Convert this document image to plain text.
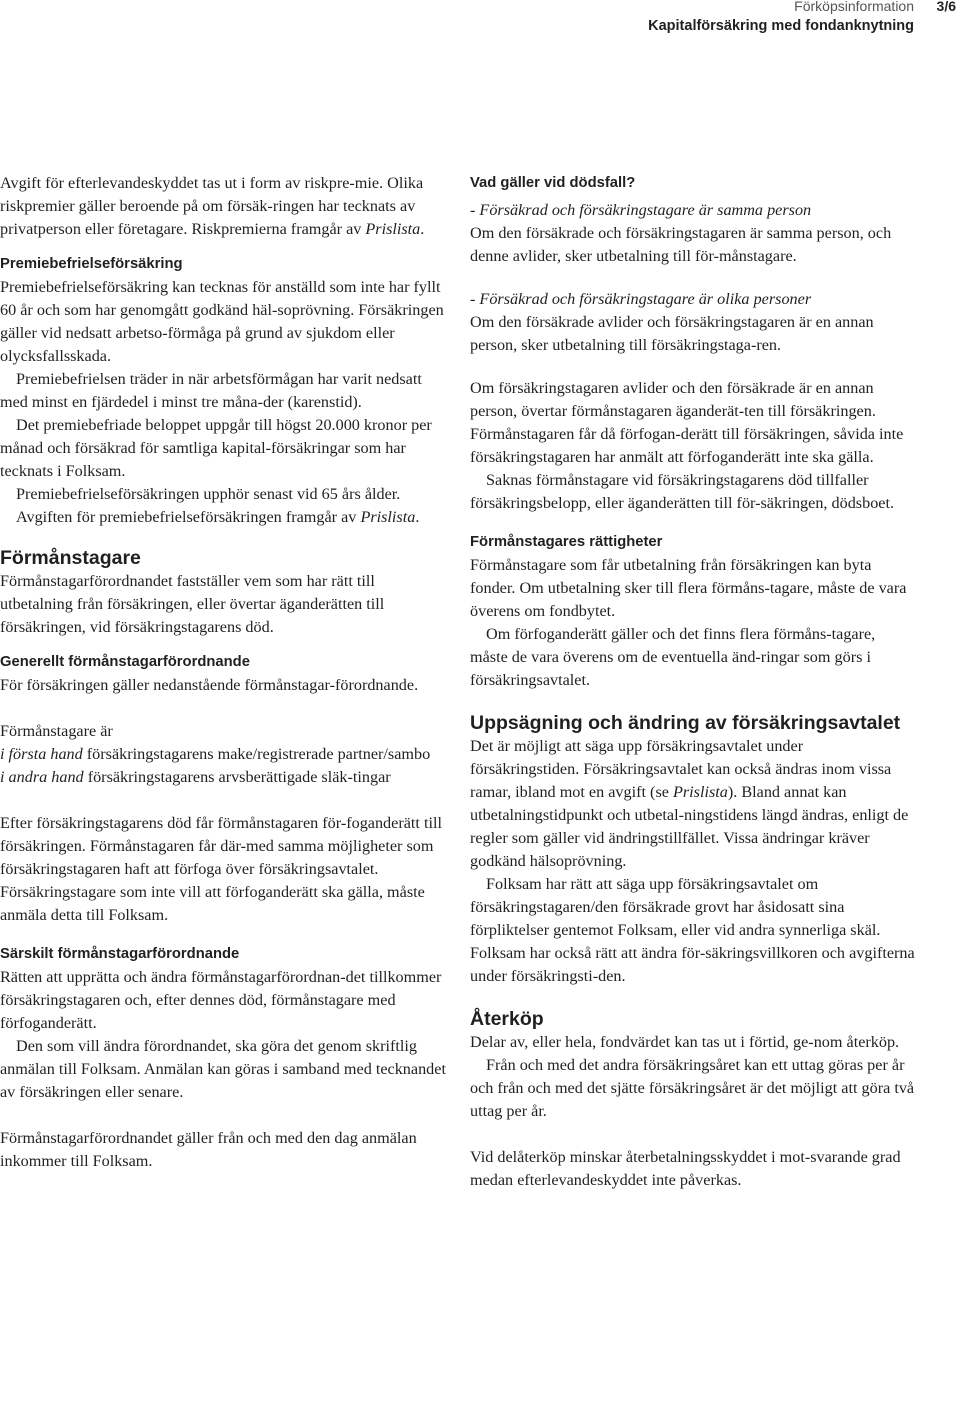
Förköpsinformation 3/6
Kapitalförsäkring med fondanknytning

Avgift för efterlevandeskyddet tas ut i form av riskpre-mie. Olika riskpremier gäller beroende på om försäk-ringen har tecknats av privatperson eller företagare. Riskpremierna framgår av Prislista.

Premiebefrielseförsäkring

Premiebefrielseförsäkring kan tecknas för anställd som inte har fyllt 60 år och som har genomgått godkänd häl-soprövning. Försäkringen gäller vid nedsatt arbetso-förmåga på grund av sjukdom eller olycksfallsskada.

Premiebefrielsen träder in när arbetsförmågan har varit nedsatt med minst en fjärdedel i minst tre måna-der (karenstid).

Det premiebefriade beloppet uppgår till högst 20.000 kronor per månad och försäkrad för samtliga kapital-försäkringar som har tecknats i Folksam.

Premiebefrielseförsäkringen upphör senast vid 65 års ålder.

Avgiften för premiebefrielseförsäkringen framgår av Prislista.

Förmånstagare

Förmånstagarförordnandet fastställer vem som har rätt till utbetalning från försäkringen, eller övertar äganderätten till försäkringen, vid försäkringstagarens död.

Generellt förmånstagarförordnande

För försäkringen gäller nedanstående förmånstagar-förordnande.

Förmånstagare är

i första hand försäkringstagarens make/registrerade partner/sambo

i andra hand försäkringstagarens arvsberättigade släk-tingar

Efter försäkringstagarens död får förmånstagaren för-foganderätt till försäkringen. Förmånstagaren får där-med samma möjligheter som försäkringstagaren haft att förfoga över försäkringsavtalet. Försäkringstagare som inte vill att förfoganderätt ska gälla, måste anmäla detta till Folksam.

Särskilt förmånstagarförordnande

Rätten att upprätta och ändra förmånstagarförordnan-det tillkommer försäkringstagaren och, efter dennes död, förmånstagare med förfoganderätt.

Den som vill ändra förordnandet, ska göra det genom skriftlig anmälan till Folksam. Anmälan kan göras i samband med tecknandet av försäkringen eller senare.

Förmånstagarförordnandet gäller från och med den dag anmälan inkommer till Folksam.

Vad gäller vid dödsfall?

- Försäkrad och försäkringstagare är samma person

Om den försäkrade och försäkringstagaren är samma person, och denne avlider, sker utbetalning till för-månstagare.

- Försäkrad och försäkringstagare är olika personer

Om den försäkrade avlider och försäkringstagaren är en annan person, sker utbetalning till försäkringstaga-ren.

Om försäkringstagaren avlider och den försäkrade är en annan person, övertar förmånstagaren äganderät-ten till försäkringen. Förmånstagaren får då förfogan-derätt till försäkringen, såvida inte försäkringstagaren har anmält att förfoganderätt inte ska gälla.

Saknas förmånstagare vid försäkringstagarens död tillfaller försäkringsbelopp, eller äganderätten till för-säkringen, dödsboet.

Förmånstagares rättigheter

Förmånstagare som får utbetalning från försäkringen kan byta fonder. Om utbetalning sker till flera förmåns-tagare, måste de vara överens om fondbytet.

Om förfoganderätt gäller och det finns flera förmåns-tagare, måste de vara överens om de eventuella änd-ringar som görs i försäkringsavtalet.

Uppsägning och ändring av försäkringsavtalet

Det är möjligt att säga upp försäkringsavtalet under försäkringstiden. Försäkringsavtalet kan också ändras inom vissa ramar, ibland mot en avgift (se Prislista). Bland annat kan utbetalningstidpunkt och utbetal-ningstidens längd ändras, enligt de regler som gäller vid ändringstillfället. Vissa ändringar kräver godkänd hälsoprövning.

Folksam har rätt att säga upp försäkringsavtalet om försäkringstagaren/den försäkrade grovt har åsidosatt sina förpliktelser gentemot Folksam, eller vid andra synnerliga skäl. Folksam har också rätt att ändra för-säkringsvillkoren och avgifterna under försäkringsti-den.

Återköp

Delar av, eller hela, fondvärdet kan tas ut i förtid, ge-nom återköp.

Från och med det andra försäkringsåret kan ett uttag göras per år och från och med det sjätte försäkringsåret är det möjligt att göra två uttag per år.

Vid delåterköp minskar återbetalningsskyddet i mot-svarande grad medan efterlevandeskyddet inte påverkas.
